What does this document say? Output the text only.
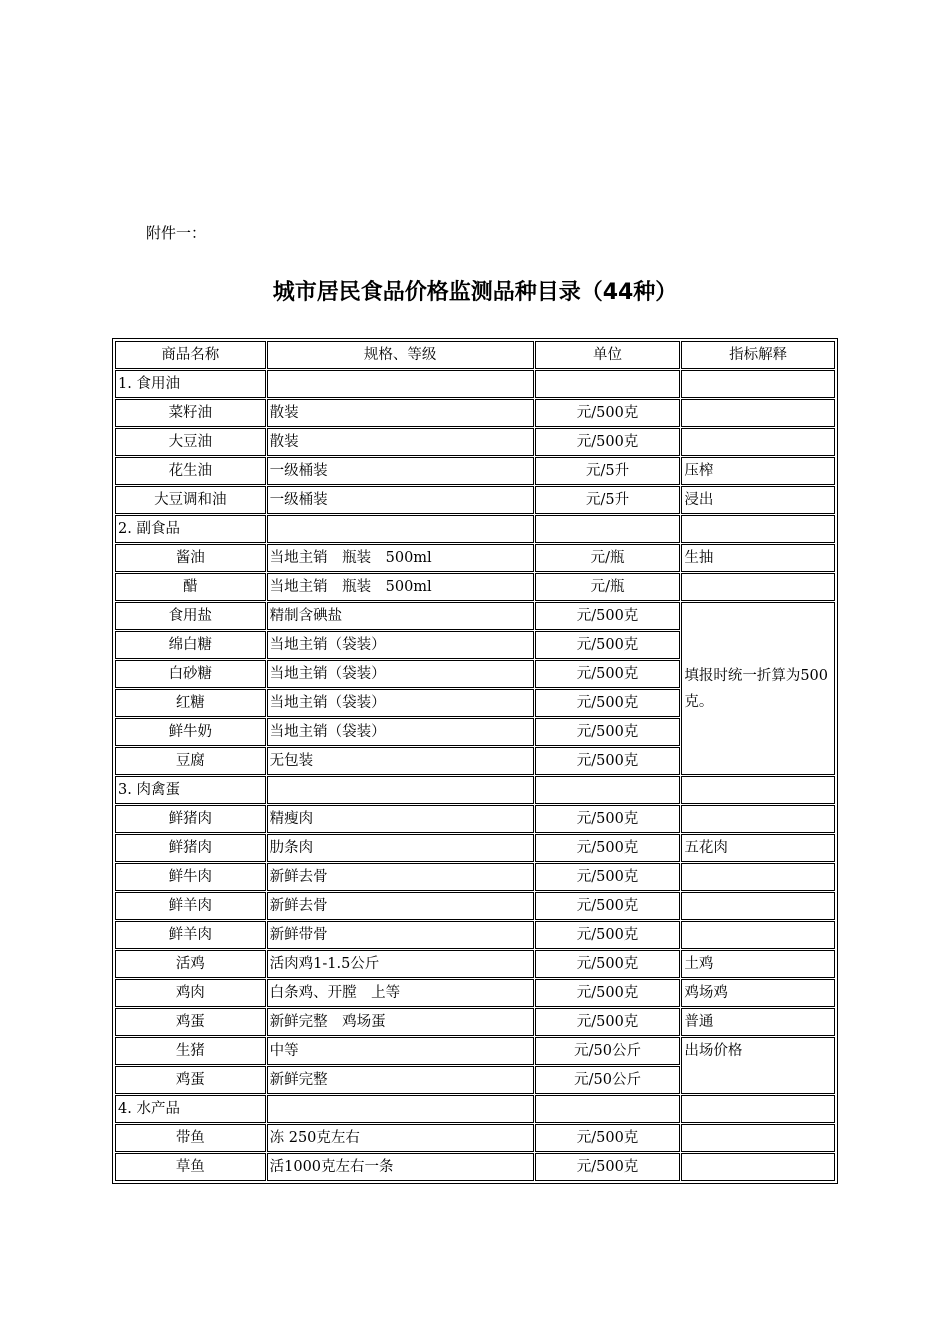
附件一：
城市居民食品价格监测品种目录（44种）
商品名称	规格、等级	单位	指标解释
1. 食用油			
菜籽油	散装	元/500克	
大豆油	散装	元/500克	
花生油	一级桶装	元/5升	压榨
大豆调和油	一级桶装	元/5升	浸出
2. 副食品			
酱油	当地主销　瓶装　500ml	元/瓶	生抽
醋	当地主销　瓶装　500ml	元/瓶	
食用盐	精制含碘盐	元/500克	填报时统一折算为500克。
绵白糖	当地主销（袋装）	元/500克	
白砂糖	当地主销（袋装）	元/500克	
红糖	当地主销（袋装）	元/500克	
鲜牛奶	当地主销（袋装）	元/500克	
豆腐	无包装	元/500克	
3. 肉禽蛋			
鲜猪肉	精瘦肉	元/500克	
鲜猪肉	肋条肉	元/500克	五花肉
鲜牛肉	新鲜去骨	元/500克	
鲜羊肉	新鲜去骨	元/500克	
鲜羊肉	新鲜带骨	元/500克	
活鸡	活肉鸡1-1.5公斤	元/500克	土鸡
鸡肉	白条鸡、开膛　上等	元/500克	鸡场鸡
鸡蛋	新鲜完整　鸡场蛋	元/500克	普通
生猪	中等	元/50公斤	出场价格
鸡蛋	新鲜完整	元/50公斤	
4. 水产品			
带鱼	冻 250克左右	元/500克	
草鱼	活1000克左右一条	元/500克	
